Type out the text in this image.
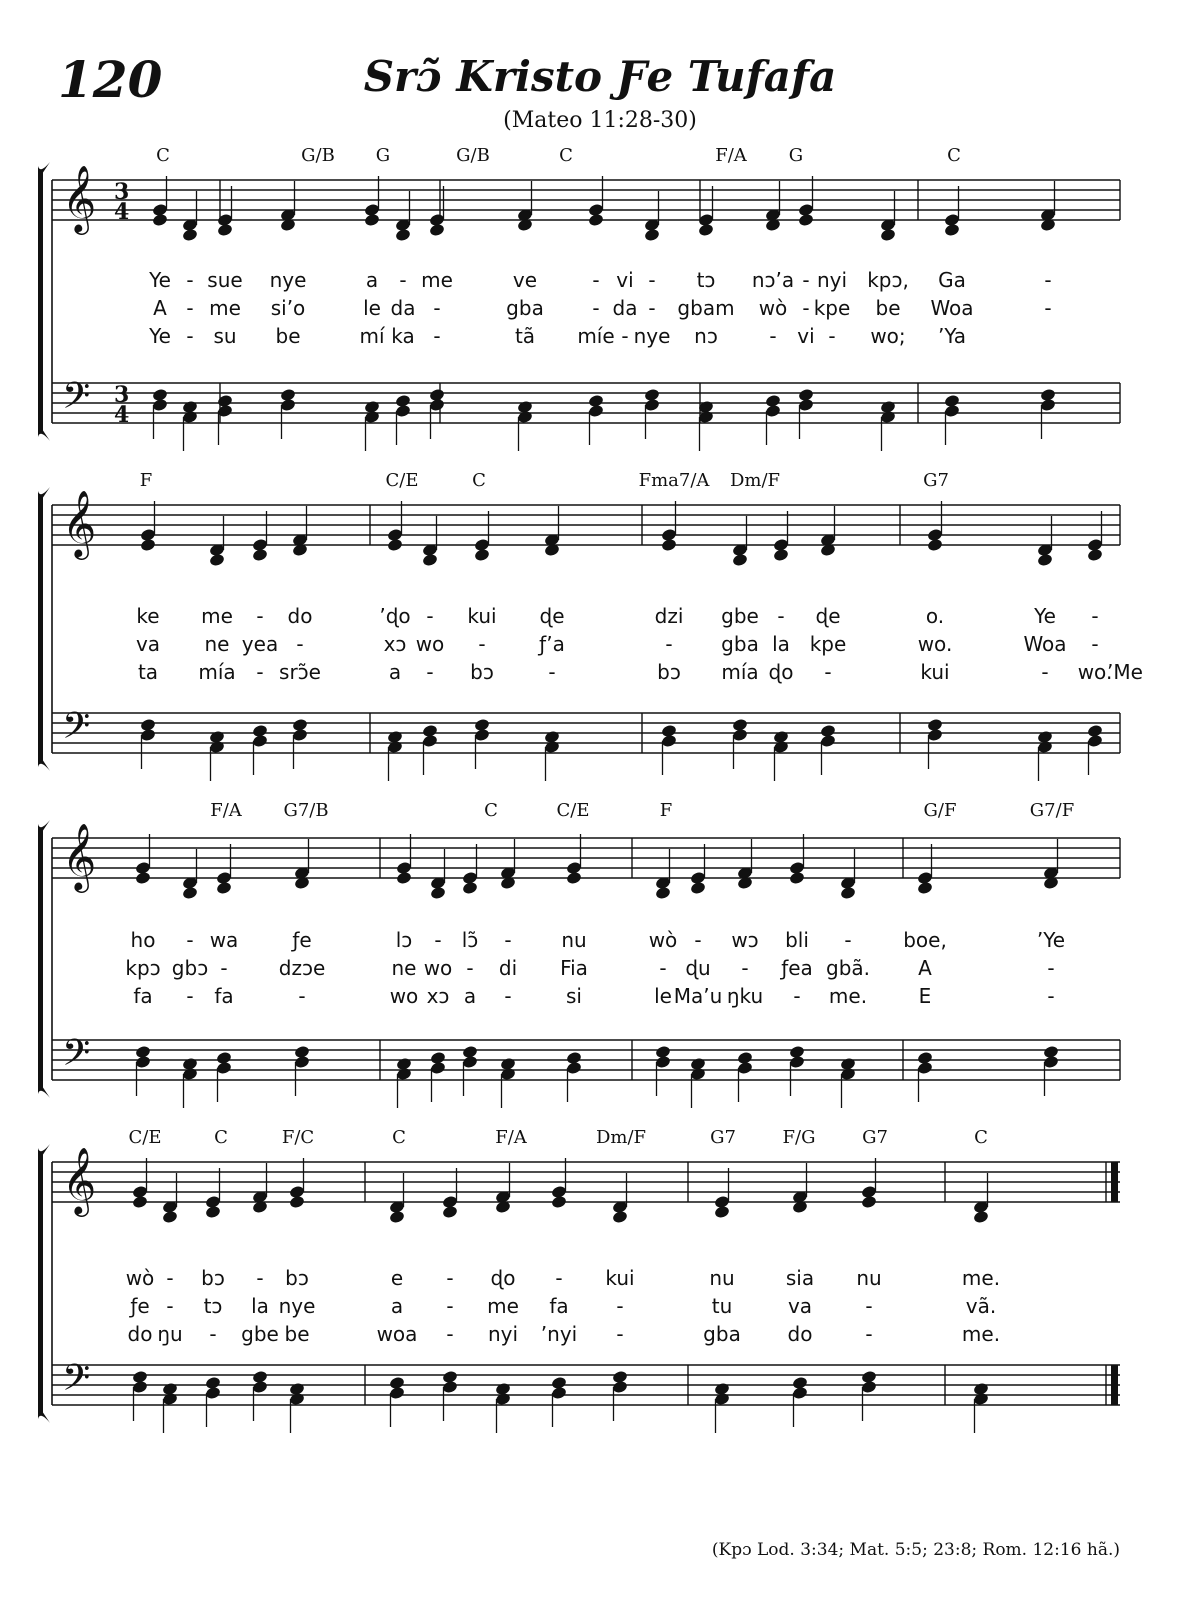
120	Srɔ̃ Kristo Ƒe Tufafa
(Mateo 11:28-30)
𝄞
𝄢
3
4
3
4
𝄞
𝄢
𝄞
𝄢
𝄞
𝄢
C	G/B G	G/B	C	F/A G	C
Ye - sue nye	a - me	ve	- vi - tɔ nɔ’a - nyi kpɔ, Ga	-
A - me si’o	le da -	gba - da - gbam wò - kpe be Woa	-
Ye - su be	mí ka -	tã míe - nye nɔ	- vi - wo; ’Ya
F	C/E	C	Fma7/A Dm/F	G7
ke me - do	’ɖo - kui ɖe	dzi gbe - ɖe	o.	Ye -
va ne yea -	xɔ wo -	ƒ’a	- gba la kpe	wo.	Woa -
ta mía - srɔ̃e	a - bɔ	-	bɔ mía ɖo -	kui	- wo.
’Me
F/A G7/B	C	C/E	F	G/F	G7/F
ho - wa	ƒe	lɔ - lɔ̃ - nu	wò - wɔ bli -	boe,	’Ye
kpɔ gbɔ -	dzɔe	ne wo - di Fia	- ɖu - ƒea gbã. A	-
fa - fa	-	wo xɔ a -	si	le Ma’u ŋku - me.	E	-
C/E	C	F/C	C	F/A	Dm/F	G7	F/G	G7	C
wò - bɔ - bɔ	e - ɖo - kui	nu	sia nu	me.
ƒe - tɔ la nye	a - me fa -	tu	va	-	vã.
do ŋu - gbe be	woa - nyi ’nyi -	gba do	-	me.
(Kpɔ Lod. 3:34; Mat. 5:5; 23:8; Rom. 12:16 hã.)
